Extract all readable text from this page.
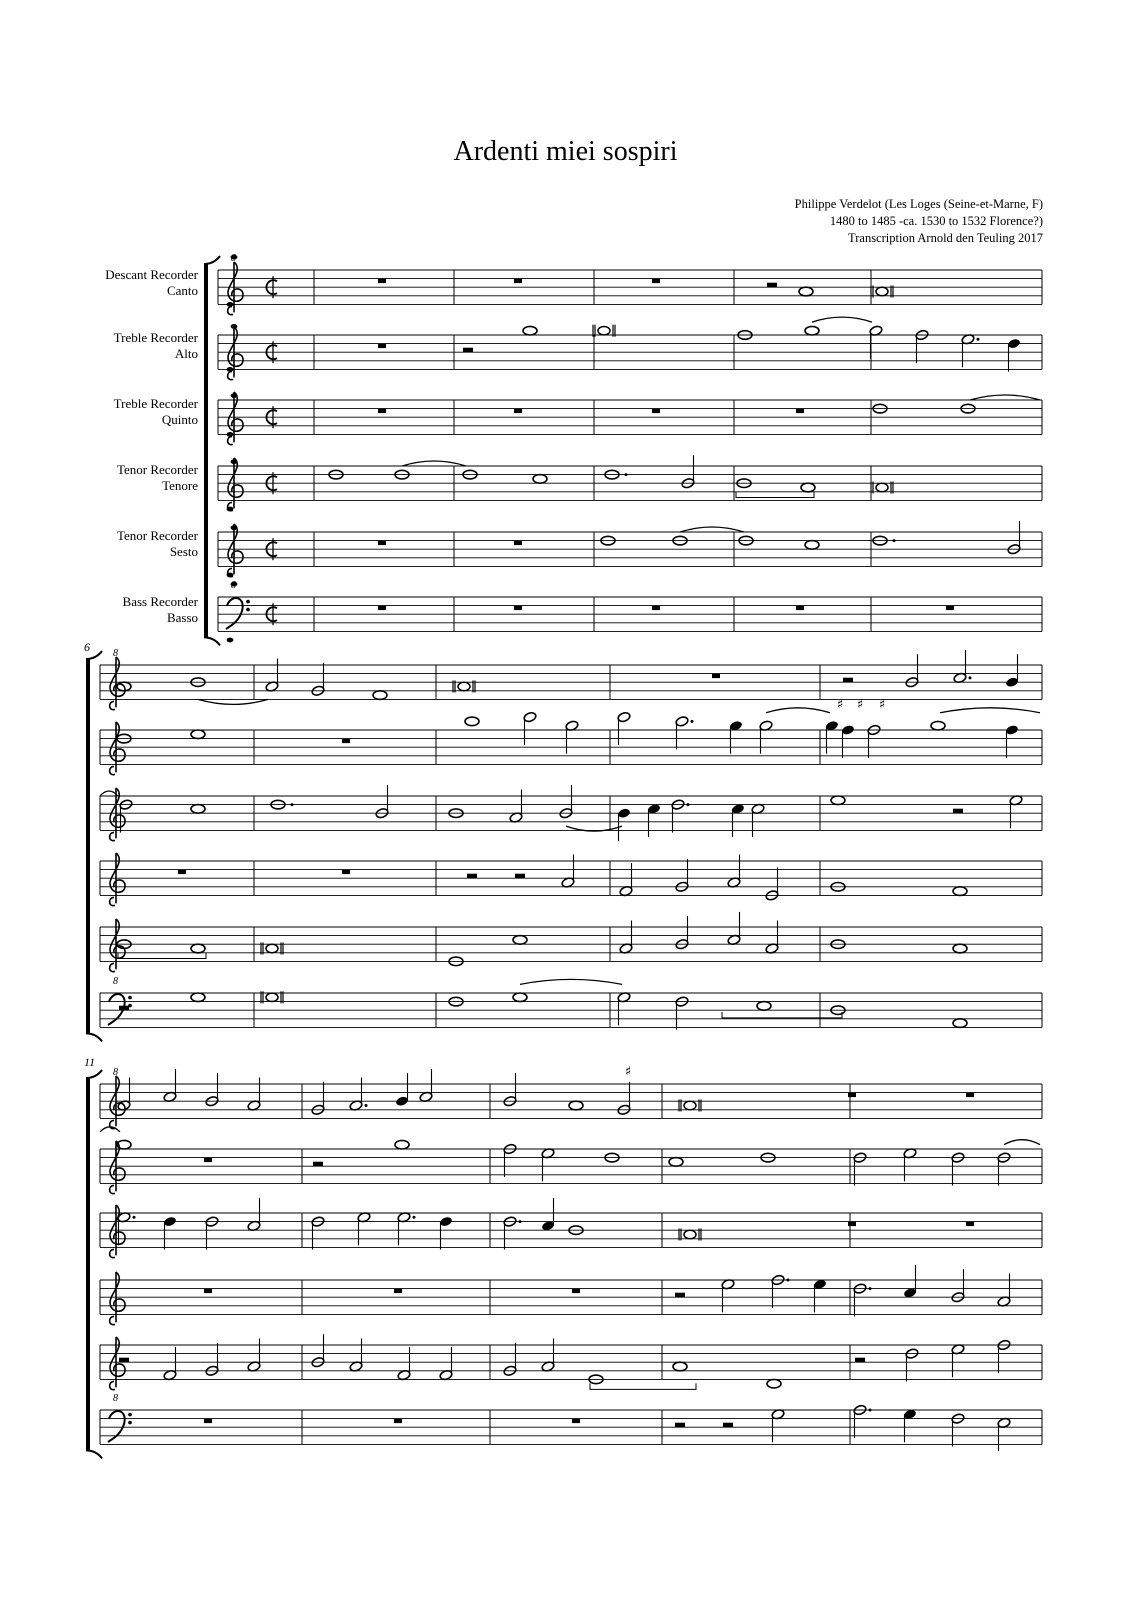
Ardenti miei sospiri
Philippe Verdelot (Les Loges (Seine-et-Marne, F)
1480 to 1485 -ca. 1530 to 1532 Florence?)
Transcription Arnold den Teuling 2017
Descant Recorder
Canto
Treble Recorder
Alto
Treble Recorder
Quinto
Tenor Recorder
Tenore
Tenor Recorder
Sesto
Bass Recorder
Basso
6
11
8
8
8
8
♯ ♯ ♯
♯
